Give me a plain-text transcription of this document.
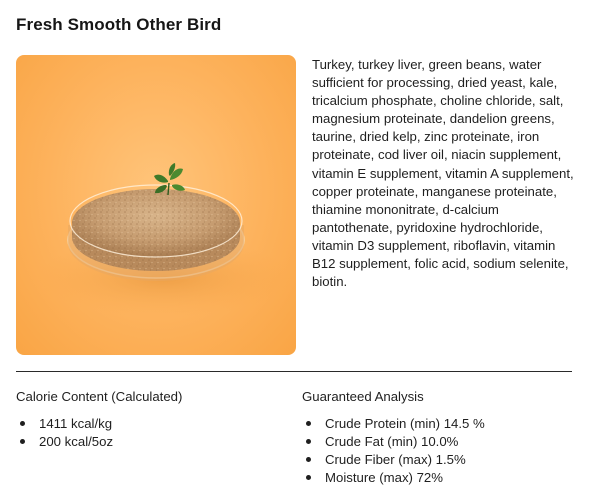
Fresh Smooth Other Bird
Turkey, turkey liver, green beans, water sufficient for processing, dried yeast, kale, tricalcium phosphate, choline chloride, salt, magnesium proteinate, dandelion greens, taurine, dried kelp, zinc proteinate, iron proteinate, cod liver oil, niacin supplement, vitamin E supplement, vitamin A supplement, copper proteinate, manganese proteinate, thiamine mononitrate, d-calcium pantothenate, pyridoxine hydrochloride, vitamin D3 supplement, riboflavin, vitamin B12 supplement, folic acid, sodium selenite, biotin.
Calorie Content (Calculated)
1411 kcal/kg
200 kcal/5oz
Guaranteed Analysis
Crude Protein (min) 14.5 %
Crude Fat (min) 10.0%
Crude Fiber (max) 1.5%
Moisture (max) 72%
